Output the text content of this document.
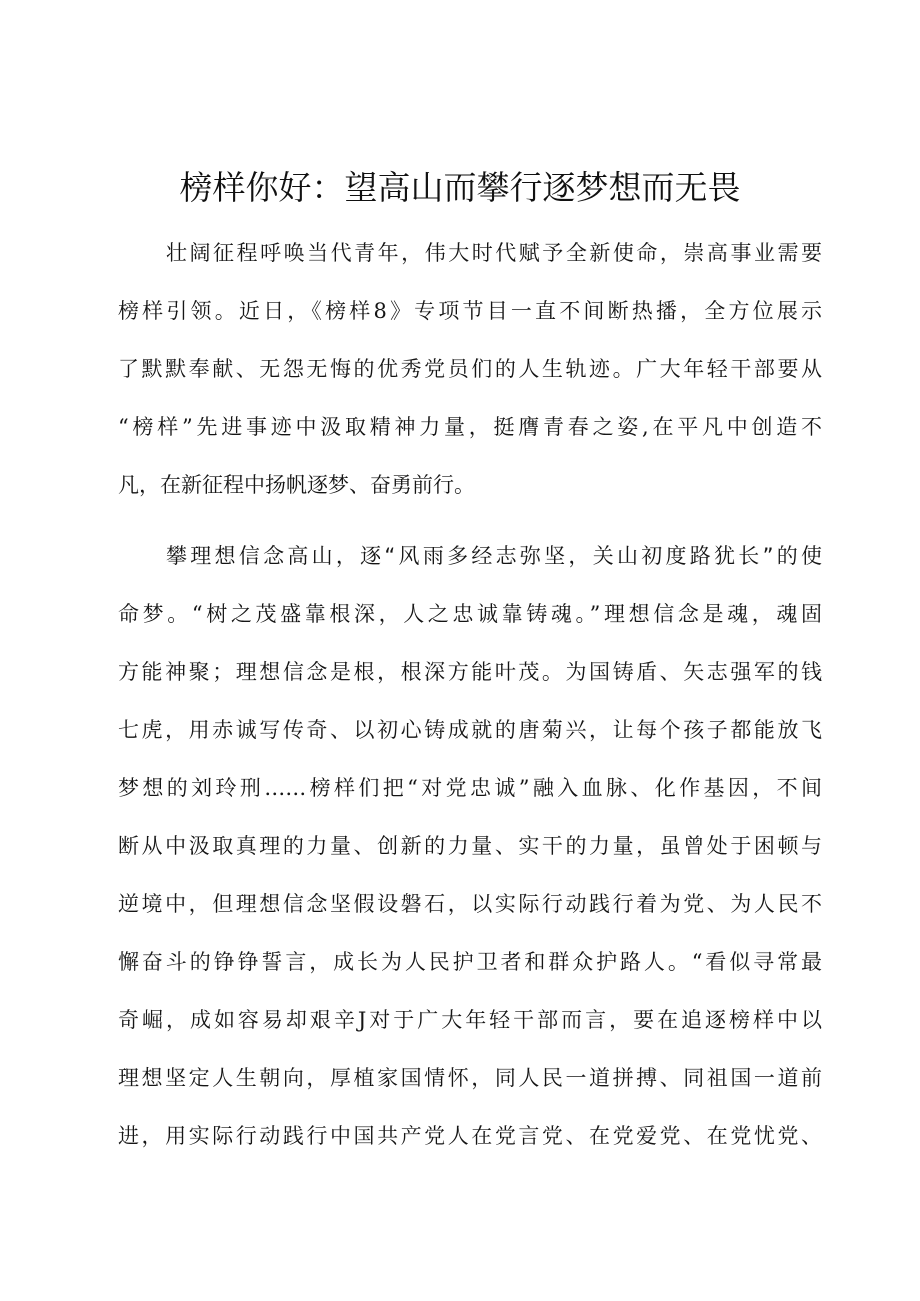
榜样你好：望高山而攀行逐梦想而无畏
壮阔征程呼唤当代青年，伟大时代赋予全新使命，崇高事业需要
榜样引领。近日，《榜样8》专项节目一直不间断热播，全方位展示
了默默奉献、无怨无悔的优秀党员们的人生轨迹。广大年轻干部要从
“榜样”先进事迹中汲取精神力量，挺膺青春之姿,在平凡中创造不
凡，在新征程中扬帆逐梦、奋勇前行。
攀理想信念高山，逐“风雨多经志弥坚，关山初度路犹长”的使
命梦。“树之茂盛靠根深，人之忠诚靠铸魂。”理想信念是魂，魂固
方能神聚；理想信念是根，根深方能叶茂。为国铸盾、矢志强军的钱
七虎，用赤诚写传奇、以初心铸成就的唐菊兴，让每个孩子都能放飞
梦想的刘玲刑……榜样们把“对党忠诚”融入血脉、化作基因，不间
断从中汲取真理的力量、创新的力量、实干的力量，虽曾处于困顿与
逆境中，但理想信念坚假设磐石，以实际行动践行着为党、为人民不
懈奋斗的铮铮誓言，成长为人民护卫者和群众护路人。“看似寻常最
奇崛，成如容易却艰辛J对于广大年轻干部而言，要在追逐榜样中以
理想坚定人生朝向，厚植家国情怀，同人民一道拼搏、同祖国一道前
进，用实际行动践行中国共产党人在党言党、在党爱党、在党忧党、
